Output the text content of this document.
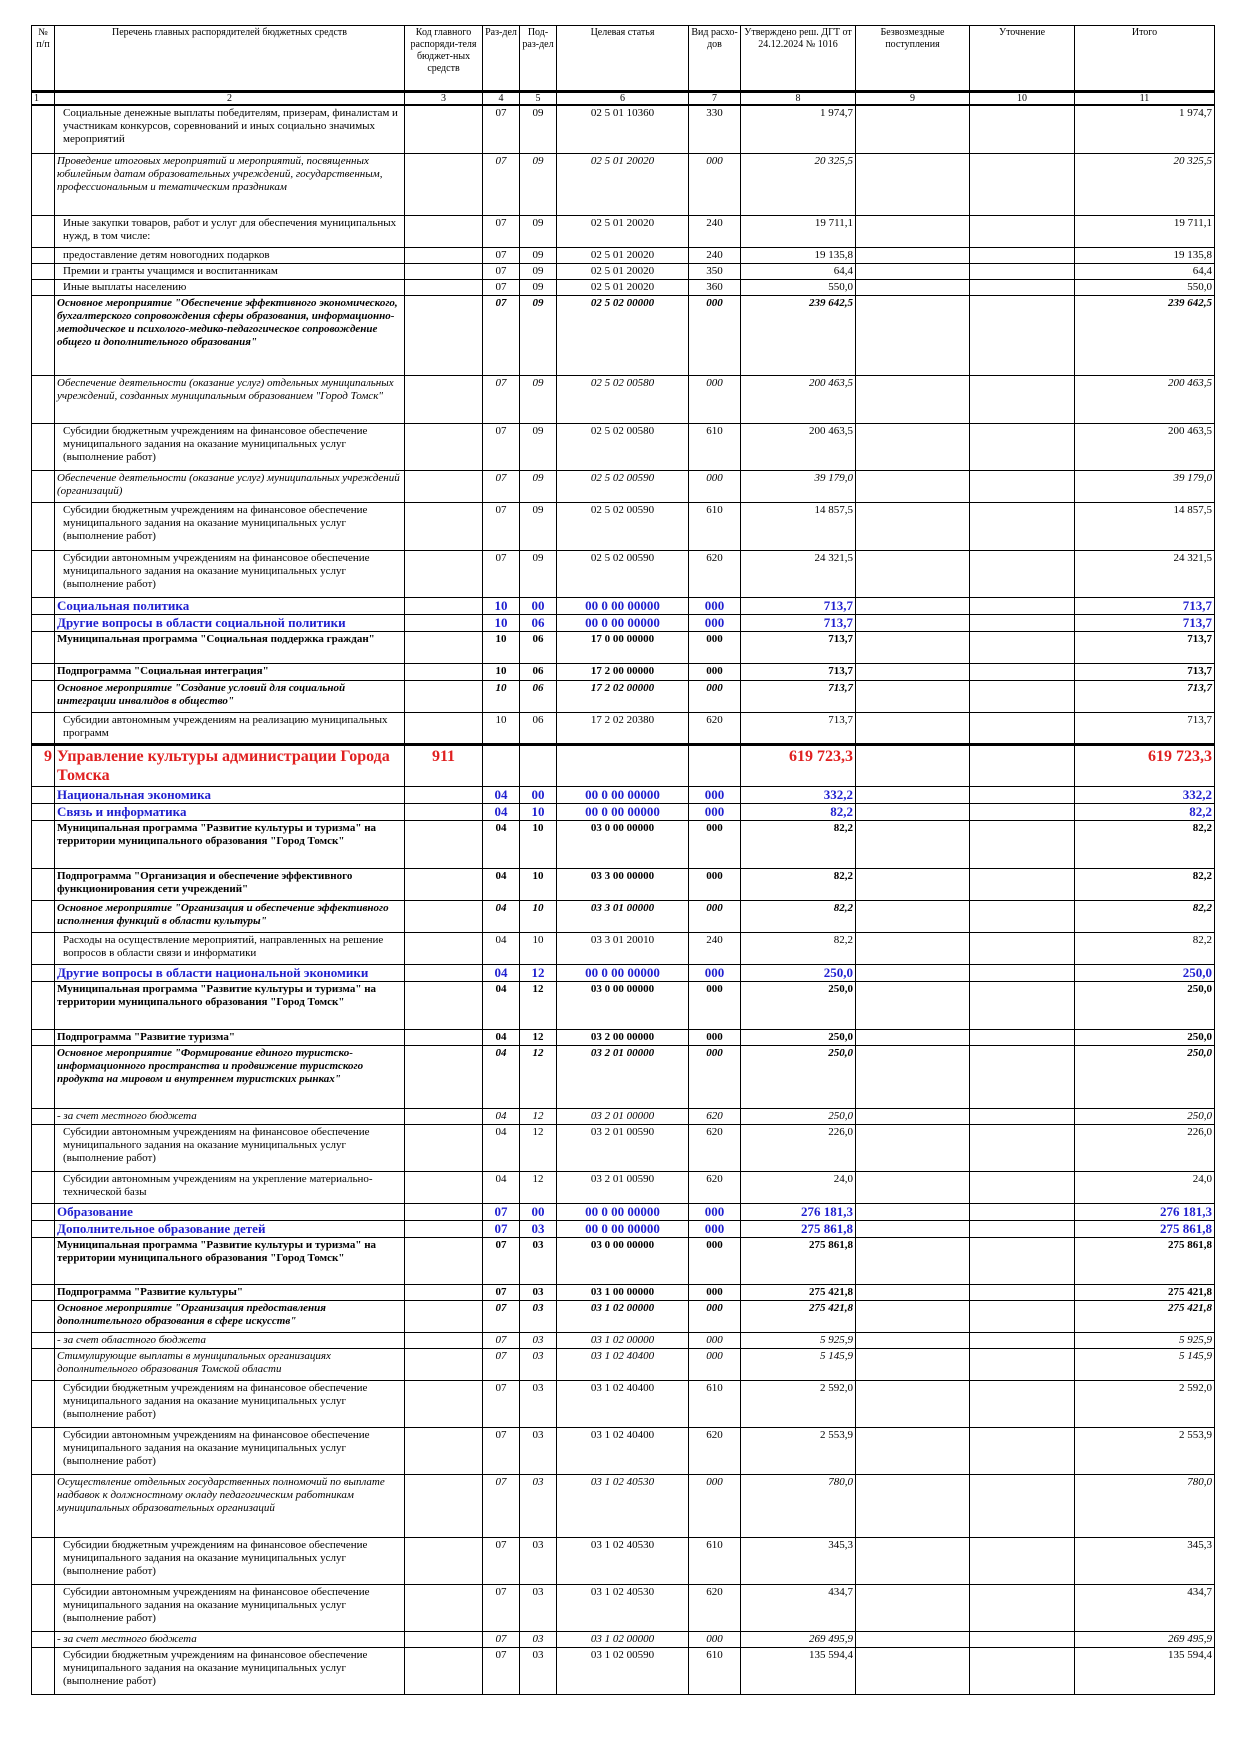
№ п/п	Перечень главных распорядителей бюджетных средств	Код главного распоряди-теля бюджет-ных средств	Раз-дел	Под-раз-дел	Целевая статья	Вид расхо-дов	Утверждено реш. ДГТ от 24.12.2024 № 1016	Безвозмездные поступления	Уточнение	Итого
1	2	3	4	5	6	7	8	9	10	11
	Социальные денежные выплаты победителям, призерам, финалистам и участникам конкурсов, соревнований и иных социально значимых мероприятий		07	09	02 5 01 10360	330	1 974,7			1 974,7
	Проведение итоговых мероприятий и мероприятий, посвященных юбилейным датам образовательных учреждений, государственным, профессиональным и тематическим праздникам		07	09	02 5 01 20020	000	20 325,5			20 325,5
	Иные закупки товаров, работ и услуг для обеспечения муниципальных нужд, в том числе:		07	09	02 5 01 20020	240	19 711,1			19 711,1
	предоставление детям новогодних подарков		07	09	02 5 01 20020	240	19 135,8			19 135,8
	Премии и гранты учащимся и воспитанникам		07	09	02 5 01 20020	350	64,4			64,4
	Иные выплаты населению		07	09	02 5 01 20020	360	550,0			550,0
	Основное мероприятие "Обеспечение эффективного экономического, бухгалтерского сопровождения сферы образования, информационно-методическое и психолого-медико-педагогическое сопровождение общего и дополнительного образования"		07	09	02 5 02 00000	000	239 642,5			239 642,5
	Обеспечение деятельности (оказание услуг) отдельных муниципальных учреждений, созданных муниципальным образованием "Город Томск"		07	09	02 5 02 00580	000	200 463,5			200 463,5
	Субсидии бюджетным учреждениям на финансовое обеспечение муниципального задания на оказание муниципальных услуг (выполнение работ)		07	09	02 5 02 00580	610	200 463,5			200 463,5
	Обеспечение деятельности (оказание услуг) муниципальных учреждений (организаций)		07	09	02 5 02 00590	000	39 179,0			39 179,0
	Субсидии бюджетным учреждениям на финансовое обеспечение муниципального задания на оказание муниципальных услуг (выполнение работ)		07	09	02 5 02 00590	610	14 857,5			14 857,5
	Субсидии автономным учреждениям на финансовое обеспечение муниципального задания на оказание муниципальных услуг (выполнение работ)		07	09	02 5 02 00590	620	24 321,5			24 321,5
	Социальная политика		10	00	00 0 00 00000	000	713,7			713,7
	Другие вопросы в области социальной политики		10	06	00 0 00 00000	000	713,7			713,7
	Муниципальная программа "Социальная поддержка граждан"		10	06	17 0 00 00000	000	713,7			713,7
	Подпрограмма "Социальная интеграция"		10	06	17 2 00 00000	000	713,7			713,7
	Основное мероприятие "Создание условий для социальной интеграции инвалидов в общество"		10	06	17 2 02 00000	000	713,7			713,7
	Субсидии автономным учреждениям на реализацию муниципальных программ		10	06	17 2 02 20380	620	713,7			713,7
9	Управление культуры администрации Города Томска	911					619 723,3			619 723,3
	Национальная экономика		04	00	00 0 00 00000	000	332,2			332,2
	Связь и информатика		04	10	00 0 00 00000	000	82,2			82,2
	Муниципальная программа "Развитие культуры и туризма" на территории муниципального образования "Город Томск"		04	10	03 0 00 00000	000	82,2			82,2
	Подпрограмма "Организация и обеспечение эффективного функционирования сети учреждений"		04	10	03 3 00 00000	000	82,2			82,2
	Основное мероприятие "Организация и обеспечение эффективного исполнения функций в области культуры"		04	10	03 3 01 00000	000	82,2			82,2
	Расходы на осуществление мероприятий, направленных на решение вопросов в области связи и информатики		04	10	03 3 01 20010	240	82,2			82,2
	Другие вопросы в области национальной экономики		04	12	00 0 00 00000	000	250,0			250,0
	Муниципальная программа "Развитие культуры и туризма" на территории муниципального образования "Город Томск"		04	12	03 0 00 00000	000	250,0			250,0
	Подпрограмма "Развитие туризма"		04	12	03 2 00 00000	000	250,0			250,0
	Основное мероприятие "Формирование единого туристско-информационного пространства и продвижение туристского продукта на мировом и внутреннем туристских рынках"		04	12	03 2 01 00000	000	250,0			250,0
	- за счет местного бюджета		04	12	03 2 01 00000	620	250,0			250,0
	Субсидии автономным учреждениям на финансовое обеспечение муниципального задания на оказание муниципальных услуг (выполнение работ)		04	12	03 2 01 00590	620	226,0			226,0
	Субсидии автономным учреждениям на укрепление материально-технической базы		04	12	03 2 01 00590	620	24,0			24,0
	Образование		07	00	00 0 00 00000	000	276 181,3			276 181,3
	Дополнительное образование детей		07	03	00 0 00 00000	000	275 861,8			275 861,8
	Муниципальная программа "Развитие культуры и туризма" на территории муниципального образования "Город Томск"		07	03	03 0 00 00000	000	275 861,8			275 861,8
	Подпрограмма "Развитие культуры"		07	03	03 1 00 00000	000	275 421,8			275 421,8
	Основное мероприятие "Организация предоставления дополнительного образования в сфере искусств"		07	03	03 1 02 00000	000	275 421,8			275 421,8
	- за счет областного бюджета		07	03	03 1 02 00000	000	5 925,9			5 925,9
	Стимулирующие выплаты в муниципальных организациях дополнительного образования Томской области		07	03	03 1 02 40400	000	5 145,9			5 145,9
	Субсидии бюджетным учреждениям на финансовое обеспечение муниципального задания на оказание муниципальных услуг (выполнение работ)		07	03	03 1 02 40400	610	2 592,0			2 592,0
	Субсидии автономным учреждениям на финансовое обеспечение муниципального задания на оказание муниципальных услуг (выполнение работ)		07	03	03 1 02 40400	620	2 553,9			2 553,9
	Осуществление отдельных государственных полномочий по выплате надбавок к должностному окладу педагогическим работникам муниципальных образовательных организаций		07	03	03 1 02 40530	000	780,0			780,0
	Субсидии бюджетным учреждениям на финансовое обеспечение муниципального задания на оказание муниципальных услуг (выполнение работ)		07	03	03 1 02 40530	610	345,3			345,3
	Субсидии автономным учреждениям на финансовое обеспечение муниципального задания на оказание муниципальных услуг (выполнение работ)		07	03	03 1 02 40530	620	434,7			434,7
	- за счет местного бюджета		07	03	03 1 02 00000	000	269 495,9			269 495,9
	Субсидии бюджетным учреждениям на финансовое обеспечение муниципального задания на оказание муниципальных услуг (выполнение работ)		07	03	03 1 02 00590	610	135 594,4			135 594,4
